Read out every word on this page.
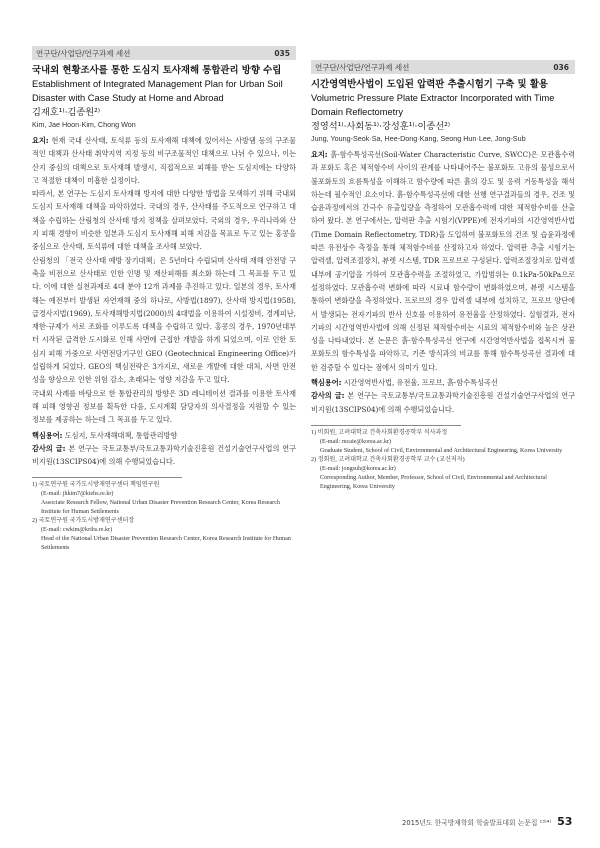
연구단/사업단/연구과제 세션	035
국내외 현황조사를 통한 도심지 토사재해 통합관리 방향 수립
Establishment of Integrated Management Plan for Urban Soil Disaster with Case Study at Home and Abroad
김재호¹⁾·김종원²⁾
Kim, Jae Hoon·Kim, Chong Won

요지: 현재 국내 산사태, 토석류 등의 토사재해 대책에 있어서는 사방댐 등의 구조물적인 대책과 산사태 취약지역 지정 등의 비구조물적인 대책으로 나뉘 수 있으나, 이는 산지 중심의 대책으로 토사재해 발생시, 직접적으로 피해를 받는 도심지에는 다양하고 적절한 대책이 미흡한 실정이다.

따라서, 본 연구는 도심지 토사재해 방지에 대한 다양한 방법을 모색하기 위해 국내외 도심지 토사재해 대책을 파악하였다. 국내의 경우, 산사태를 주도적으로 연구하고 대책을 수립하는 산림청의 산사태 방지 정책을 살펴보았다. 국외의 경우, 우리나라와 산지 피해 경향이 비슷한 일본과 도심지 토사재해 피해 저감을 목표로 두고 있는 홍콩을 중심으로 산사태, 토석류에 대한 대책을 조사해 보았다.

산림청의 「전국 산사태 예방 장기대책」은 5년마다 수립되며 산사태 재해 안전망 구축을 비전으로 산사태로 인한 인명 및 재산피해를 최소화 하는데 그 목표를 두고 있다. 이에 대한 실천과제로 4대 분야 12개 과제를 추진하고 있다. 일본의 경우, 토사재해는 예전부터 발생된 자연재해 중의 하나로, 사방법(1897), 산사태 방지법(1958), 급경사지법(1969), 토사재해방지법(2000)의 4대법을 이용하여 시설정비, 경계피난, 재한·규제가 서로 조화를 이루도록 대책을 수립하고 있다. 홍콩의 경우, 1970년대부터 시작된 급격한 도시화로 인해 사면에 근접한 개발을 하게 되었으며, 이로 인한 토심지 피해 가중으로 사면전담기구인 GEO (Geotechnical Engineering Office)가 설립하게 되었다. GEO의 핵심전략은 3가지로, 새로운 개발에 대한 대처, 사면 안전성을 향상으로 인한 위험 감소, 초래되는 영향 저감을 두고 있다.

국내외 사례를 바탕으로 한 통합관리의 방향은 3D 레니테이션 결과를 이용한 토사재해 피해 영향권 정보를 획득한 다음, 도시계획 담당자의 의사결정을 지원할 수 있는 정보를 제공하는 하는데 그 목표를 두고 있다.

핵심용어: 도심지, 토사재해대책, 통합관리방향

감사의 글: 본 연구는 국토교통부/국토교통과학기술진흥원 건설기술연구사업의 연구비지원(13SCIPS04)에 의해 수행되었습니다.

1) 국토연구원 국가도시방재연구센터 책임연구원

(E-mail: jhkim7@kiehs.re.kr)

Associate Research Fellow, National Urban Disaster Prevention Research Center, Korea Research Institute for Human Settlements

2) 국토연구원 국가도시방재연구센터장

(E-mail: cwkim@krihs.re.kr)

Head of the National Urban Disaster Prevention Research Center, Korea Research Institute for Human Settlements

연구단/사업단/연구과제 세션	036
시간영역반사법이 도입된 압력판 추출시험기 구축 및 활용
Volumetric Pressure Plate Extractor Incorporated with Time Domain Reflectometry
정영석¹⁾·사회동¹⁾·강성훈¹⁾·이종선²⁾
Jung, Young-Seok·Sa, Hee-Dong·Kang, Seong Hun·Lee, Jong-Sub

요지: 흙-함수특성곡선(Soil-Water Characteristic Curve, SWCC)은 모관흡수력과 포화도 혹은 체적함수비 사이의 관계를 나타내어주는 불포화토 고유의 물성으로서 불포화토의 흐름특성을 이해하고 함수량에 따른 흙의 강도 및 응력 거동특성을 해석하는데 필수적인 요소이다. 흙-함수특성곡선에 대한 선행 연구결과들의 경우, 건조 및 습윤과정에서의 간극수 유출입량을 측정하여 모관흡수력에 대한 체적함수비를 산출하여 왔다. 본 연구에서는, 압력판 추출 시험기(VPPE)에 전자기파의 시간영역반사법(Time Domain Reflectometry, TDR)을 도입하여 불포화토의 건조 및 습윤과정에 따른 유전상수 측정을 통해 체적함수비를 산정하고자 하였다. 압력판 추출 시험기는 압력셀, 압력조절장치, 뷰렛 시스템, TDR 프로브로 구성된다. 압력조절장치로 압력셀 내부에 공기압을 가하여 모관흡수력을 조절하였고, 가압범위는 0.1kPa-50kPa으로 설정하였다. 모관흡수력 변화에 따라 시료내 함수량이 변화하였으며, 뷰렛 시스템을 통하여 변화량을 측정하였다. 프로브의 경우 압력셀 내부에 설치하고, 프로브 양단에서 발생되는 전자기파의 반사 신호를 이용하여 유전율을 산정하였다. 실험결과, 전자기파의 시간영역반사법에 의해 신정된 체적함수비는 시료의 체적함수비와 높은 상관성을 나타내었다. 본 논문은 흙-함수특성곡선 연구에 시간영역반사법을 접목시켜 불포화토의 함수특성을 파악하고, 기존 방식과의 비교를 통해 함수특성곡선 결과에 대한 검증할 수 있다는 점에서 의미가 있다.

핵심용어: 시간영역반사법, 유전율, 프로브, 흙-함수특성곡선

감사의 글: 본 연구는 국토교통부/국토교통과학기술진흥원 건설기술연구사업의 연구비지원(13SCIPS04)에 의해 수행되었습니다.

1) 비회원, 고려대학교 건축사회환경공학부 석사과정

(E-mail: mcaie@korea.ac.kr)

Graduate Student, School of Civil, Environmental and Architectural Engineering, Korea University

2) 정회원, 고려대학교 건축사회환경공학부 교수 (교신저자)

(E-mail: jongsub@korea.ac.kr)

Corresponding Author, Member, Professor, School of Civil, Environmental and Architectural Engineering, Korea University

2015년도 한국방재학회 학술발표대회 논문집 ¹³⁾⁴⁾ 53
